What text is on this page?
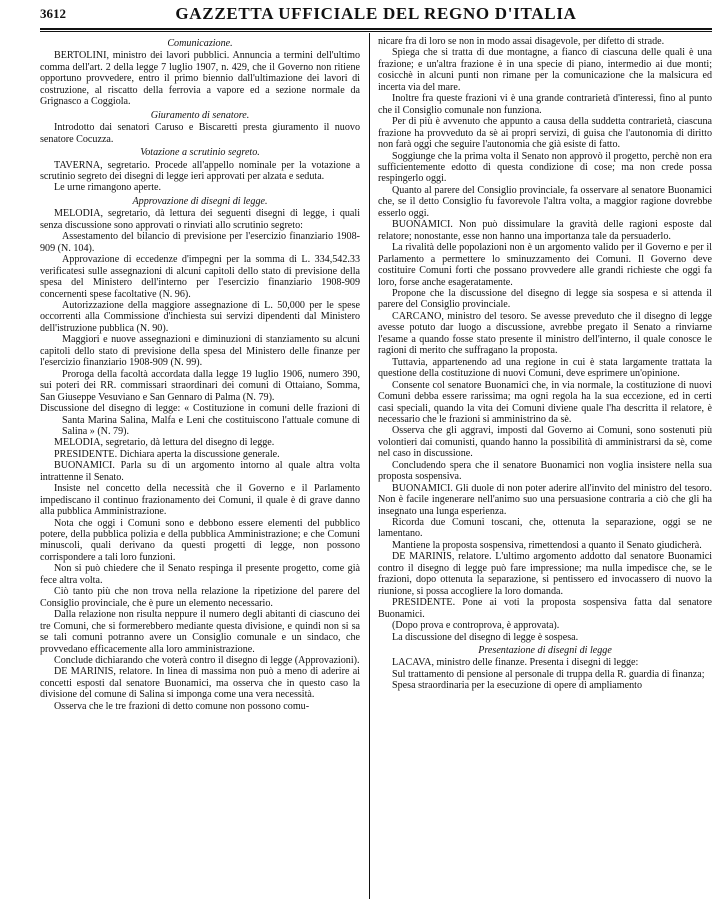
3612	GAZZETTA UFFICIALE DEL REGNO D'ITALIA

Comunicazione.

BERTOLINI, ministro dei lavori pubblici. Annuncia a termini dell'ultimo comma dell'art. 2 della legge 7 luglio 1907, n. 429, che il Governo non ritiene opportuno provvedere, entro il primo biennio dall'ultimazione dei lavori di costruzione, al riscatto della ferrovia a vapore ed a sezione normale da Grignasco a Coggiola.

Giuramento di senatore.

Introdotto dai senatori Caruso e Biscaretti presta giuramento il nuovo senatore Cocuzza.

Votazione a scrutinio segreto.

TAVERNA, segretario. Procede all'appello nominale per la votazione a scrutinio segreto dei disegni di legge ieri approvati per alzata e seduta.

Le urne rimangono aperte.

Approvazione di disegni di legge.

MELODIA, segretario, dà lettura dei seguenti disegni di legge, i quali senza discussione sono approvati o rinviati allo scrutinio segreto:

Assestamento del bilancio di previsione per l'esercizio finanziario 1908-909 (N. 104).

Approvazione di eccedenze d'impegni per la somma di L. 334,542.33 verificatesi sulle assegnazioni di alcuni capitoli dello stato di previsione della spesa del Ministero dell'interno per l'esercizio finanziario 1908-909 concernenti spese facoltative (N. 96).

Autorizzazione della maggiore assegnazione di L. 50,000 per le spese occorrenti alla Commissione d'inchiesta sui servizi dipendenti dal Ministero dell'istruzione pubblica (N. 90).

Maggiori e nuove assegnazioni e diminuzioni di stanziamento su alcuni capitoli dello stato di previsione della spesa del Ministero delle finanze per l'esercizio finanziario 1908-909 (N. 99).

Proroga della facoltà accordata dalla legge 19 luglio 1906, numero 390, sui poteri dei RR. commissari straordinari dei comuni di Ottaiano, Somma, San Giuseppe Vesuviano e San Gennaro di Palma (N. 79).

Discussione del disegno di legge: « Costituzione in comuni delle frazioni di Santa Marina Salina, Malfa e Leni che costituiscono l'attuale comune di Salina » (N. 79).

MELODIA, segretario, dà lettura del disegno di legge.

PRESIDENTE. Dichiara aperta la discussione generale.

BUONAMICI. Parla su di un argomento intorno al quale altra volta intrattenne il Senato.

Insiste nel concetto della necessità che il Governo e il Parlamento impediscano il continuo frazionamento dei Comuni, il quale è di grave danno alla pubblica Amministrazione.

Nota che oggi i Comuni sono e debbono essere elementi del pubblico potere, della pubblica polizia e della pubblica Amministrazione; e che Comuni minuscoli, quali derivano da questi progetti di legge, non possono corrispondere a tali loro funzioni.

Non si può chiedere che il Senato respinga il presente progetto, come già fece altra volta.

Ciò tanto più che non trova nella relazione la ripetizione del parere del Consiglio provinciale, che è pure un elemento necessario.

Dalla relazione non risulta neppure il numero degli abitanti di ciascuno dei tre Comuni, che si formerebbero mediante questa divisione, e quindi non si sa se tali comuni potranno avere un Consiglio comunale e un sindaco, che provvedano efficacemente alla loro amministrazione.

Conclude dichiarando che voterà contro il disegno di legge (Approvazioni).

DE MARINIS, relatore. In linea di massima non può a meno di aderire ai concetti esposti dal senatore Buonamici, ma osserva che in questo caso la divisione del comune di Salina si imponga come una vera necessità.

Osserva che le tre frazioni di detto comune non possono comu-

nicare fra di loro se non in modo assai disagevole, per difetto di strade.

Spiega che si tratta di due montagne, a fianco di ciascuna delle quali è una frazione; e un'altra frazione è in una specie di piano, intermedio ai due monti; cosicchè in alcuni punti non rimane per la comunicazione che la malsicura ed incerta via del mare.

Inoltre fra queste frazioni vi è una grande contrarietà d'interessi, fino al punto che il Consiglio comunale non funziona.

Per di più è avvenuto che appunto a causa della suddetta contrarietà, ciascuna frazione ha provveduto da sè ai propri servizi, di guisa che l'autonomia di diritto non farà oggi che seguire l'autonomia che già esiste di fatto.

Soggiunge che la prima volta il Senato non approvò il progetto, perchè non era sufficientemente edotto di questa condizione di cose; ma non crede possa respingerlo oggi.

Quanto al parere del Consiglio provinciale, fa osservare al senatore Buonamici che, se il detto Consiglio fu favorevole l'altra volta, a maggior ragione dovrebbe esserlo oggi.

BUONAMICI. Non può dissimulare la gravità delle ragioni esposte dal relatore; nonostante, esse non hanno una importanza tale da persuaderlo.

La rivalità delle popolazioni non è un argomento valido per il Governo e per il Parlamento a permettere lo sminuzzamento dei Comuni. Il Governo deve costituire Comuni forti che possano provvedere alle grandi richieste che oggi fa loro, forse anche esageratamente.

Propone che la discussione del disegno di legge sia sospesa e si attenda il parere del Consiglio provinciale.

CARCANO, ministro del tesoro. Se avesse preveduto che il disegno di legge avesse potuto dar luogo a discussione, avrebbe pregato il Senato a rinviarne l'esame a quando fosse stato presente il ministro dell'interno, il quale conosce le ragioni di merito che suffragano la proposta.

Tuttavia, appartenendo ad una regione in cui è stata largamente trattata la questione della costituzione di nuovi Comuni, deve esprimere un'opinione.

Consente col senatore Buonamici che, in via normale, la costituzione di nuovi Comuni debba essere rarissima; ma ogni regola ha la sua eccezione, ed in certi casi speciali, quando la vita dei Comuni diviene quale l'ha descritta il relatore, è necessario che le frazioni si amministrino da sè.

Osserva che gli aggravi, imposti dal Governo ai Comuni, sono sostenuti più volontieri dai comunisti, quando hanno la possibilità di amministrarsi da sè, come nel caso in discussione.

Concludendo spera che il senatore Buonamici non voglia insistere nella sua proposta sospensiva.

BUONAMICI. Gli duole di non poter aderire all'invito del ministro del tesoro. Non è facile ingenerare nell'animo suo una persuasione contraria a ciò che gli ha insegnato una lunga esperienza.

Ricorda due Comuni toscani, che, ottenuta la separazione, oggi se ne lamentano.

Mantiene la proposta sospensiva, rimettendosi a quanto il Senato giudicherà.

DE MARINIS, relatore. L'ultimo argomento addotto dal senatore Buonamici contro il disegno di legge può fare impressione; ma nulla impedisce che, se le frazioni, dopo ottenuta la separazione, si pentissero ed invocassero di nuovo la riunione, si possa accogliere la loro domanda.

PRESIDENTE. Pone ai voti la proposta sospensiva fatta dal senatore Buonamici.

(Dopo prova e controprova, è approvata).

La discussione del disegno di legge è sospesa.

Presentazione di disegni di legge

LACAVA, ministro delle finanze. Presenta i disegni di legge:

Sul trattamento di pensione al personale di truppa della R. guardia di finanza;

Spesa straordinaria per la esecuzione di opere di ampliamento
